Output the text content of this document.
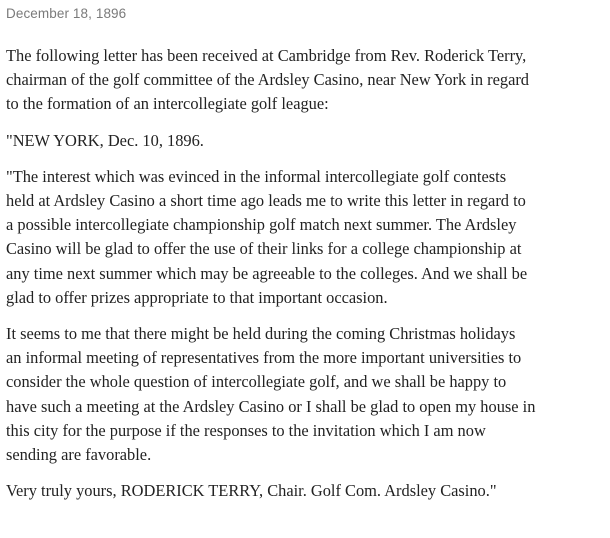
December 18, 1896

The following letter has been received at Cambridge from Rev. Roderick Terry,
chairman of the golf committee of the Ardsley Casino, near New York in regard
to the formation of an intercollegiate golf league:

"NEW YORK, Dec. 10, 1896.

"The interest which was evinced in the informal intercollegiate golf contests
held at Ardsley Casino a short time ago leads me to write this letter in regard to
a possible intercollegiate championship golf match next summer. The Ardsley
Casino will be glad to offer the use of their links for a college championship at
any time next summer which may be agreeable to the colleges. And we shall be
glad to offer prizes appropriate to that important occasion.

It seems to me that there might be held during the coming Christmas holidays
an informal meeting of representatives from the more important universities to
consider the whole question of intercollegiate golf, and we shall be happy to
have such a meeting at the Ardsley Casino or I shall be glad to open my house in
this city for the purpose if the responses to the invitation which I am now
sending are favorable.

Very truly yours, RODERICK TERRY, Chair. Golf Com. Ardsley Casino."
